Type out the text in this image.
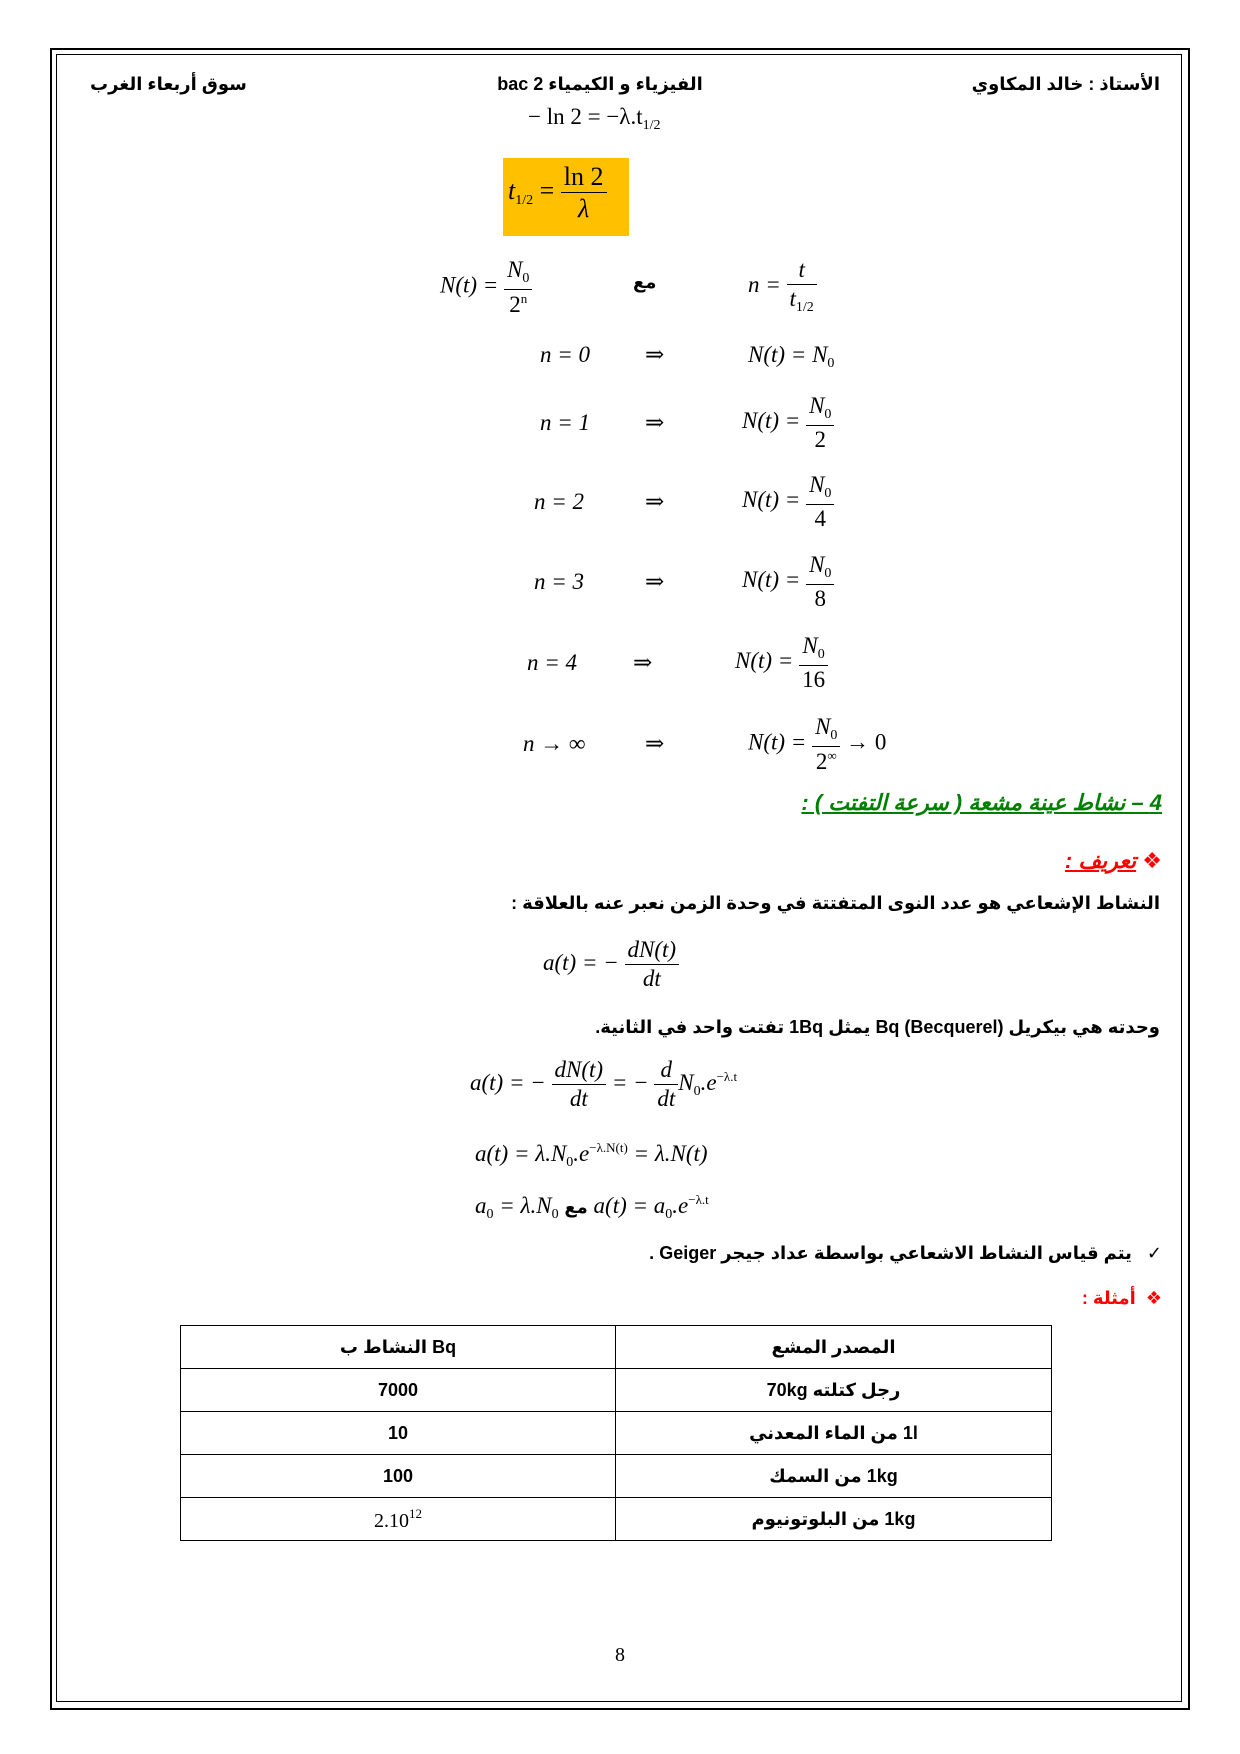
الأستاذ : خالد المكاوي
الفيزياء و الكيمياء 2 bac
سوق أربعاء الغرب
− $\ln 2 = -\lambda.t_{1/2}$
$t_{1/2} = \frac{\ln 2}{\lambda}$
$N(t) = \frac{N_0}{2^n}$	مع	$n = \frac{t}{t_{1/2}}$
n = 0 ⇒	$N(t) = N_0$
n = 1 ⇒	$N(t) = \frac{N_0}{2}$
n = 2	⇒	$N(t) = \frac{N_0}{4}$
n = 3	⇒	$N(t) = \frac{N_0}{8}$
n = 4 ⇒	$N(t) = \frac{N_0}{16}$
n → ∞	⇒	$N(t) = \frac{N_0}{2^\infty} \to 0$
4 – نشاط عينة مشعة ( سرعة التفتت ) :
❖ تعريف :
النشاط الإشعاعي هو عدد النوى المتفتتة في وحدة الزمن نعبر عنه بالعلاقة :
a(t) = − $\frac{dN(t)}{dt}$
وحدته هي بيكريل Bq (Becquerel) يمثل 1Bq تفتت واحد في الثانية.
a(t) = − $\frac{dN(t)}{dt}$ = − $\frac{d}{dt} N_0.e^{-\lambda.t}$
$a(t) = \lambda.N_0.e^{-\lambda.N(t)} = \lambda.N(t)$
$a_0 = \lambda.N_0$ مع $a(t) = a_0.e^{-\lambda.t}$
✓   يتم قياس النشاط الاشعاعي بواسطة عداد جيجر Geiger .
❖  أمثلة :
النشاط ب Bq	المصدر المشع
7000	رجل كتلته 70kg
10	1l من الماء المعدني
100	1kg من السمك
2.10$^{12}$	1kg من البلوتونيوم
8
